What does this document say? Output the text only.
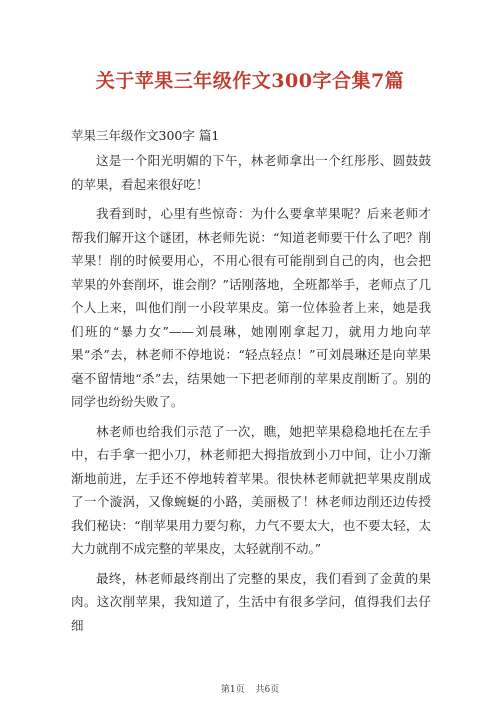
关于苹果三年级作文300字合集7篇
苹果三年级作文300字 篇1

这是一个阳光明媚的下午，林老师拿出一个红彤彤、圆鼓鼓的苹果，看起来很好吃！

我看到时，心里有些惊奇：为什么要拿苹果呢？后来老师才帮我们解开这个谜团，林老师先说：“知道老师要干什么了吧？削苹果！削的时候要用心，不用心很有可能削到自己的肉，也会把苹果的外套削坏，谁会削？”话刚落地，全班都举手，老师点了几个人上来，叫他们削一小段苹果皮。第一位体验者上来，她是我们班的“暴力女”——刘晨琳，她刚刚拿起刀，就用力地向苹果“杀”去，林老师不停地说：“轻点轻点！”可刘晨琳还是向苹果毫不留情地“杀”去，结果她一下把老师削的苹果皮削断了。别的同学也纷纷失败了。

林老师也给我们示范了一次，瞧，她把苹果稳稳地托在左手中，右手拿一把小刀，林老师把大拇指放到小刀中间，让小刀渐渐地前进，左手还不停地转着苹果。很快林老师就把苹果皮削成了一个漩涡，又像蜿蜒的小路，美丽极了！林老师边削还边传授我们秘诀：“削苹果用力要匀称，力气不要太大，也不要太轻，太大力就削不成完整的苹果皮，太轻就削不动。”

最终，林老师最终削出了完整的果皮，我们看到了金黄的果肉。这次削苹果，我知道了，生活中有很多学问，值得我们去仔细

第1页 共6页
